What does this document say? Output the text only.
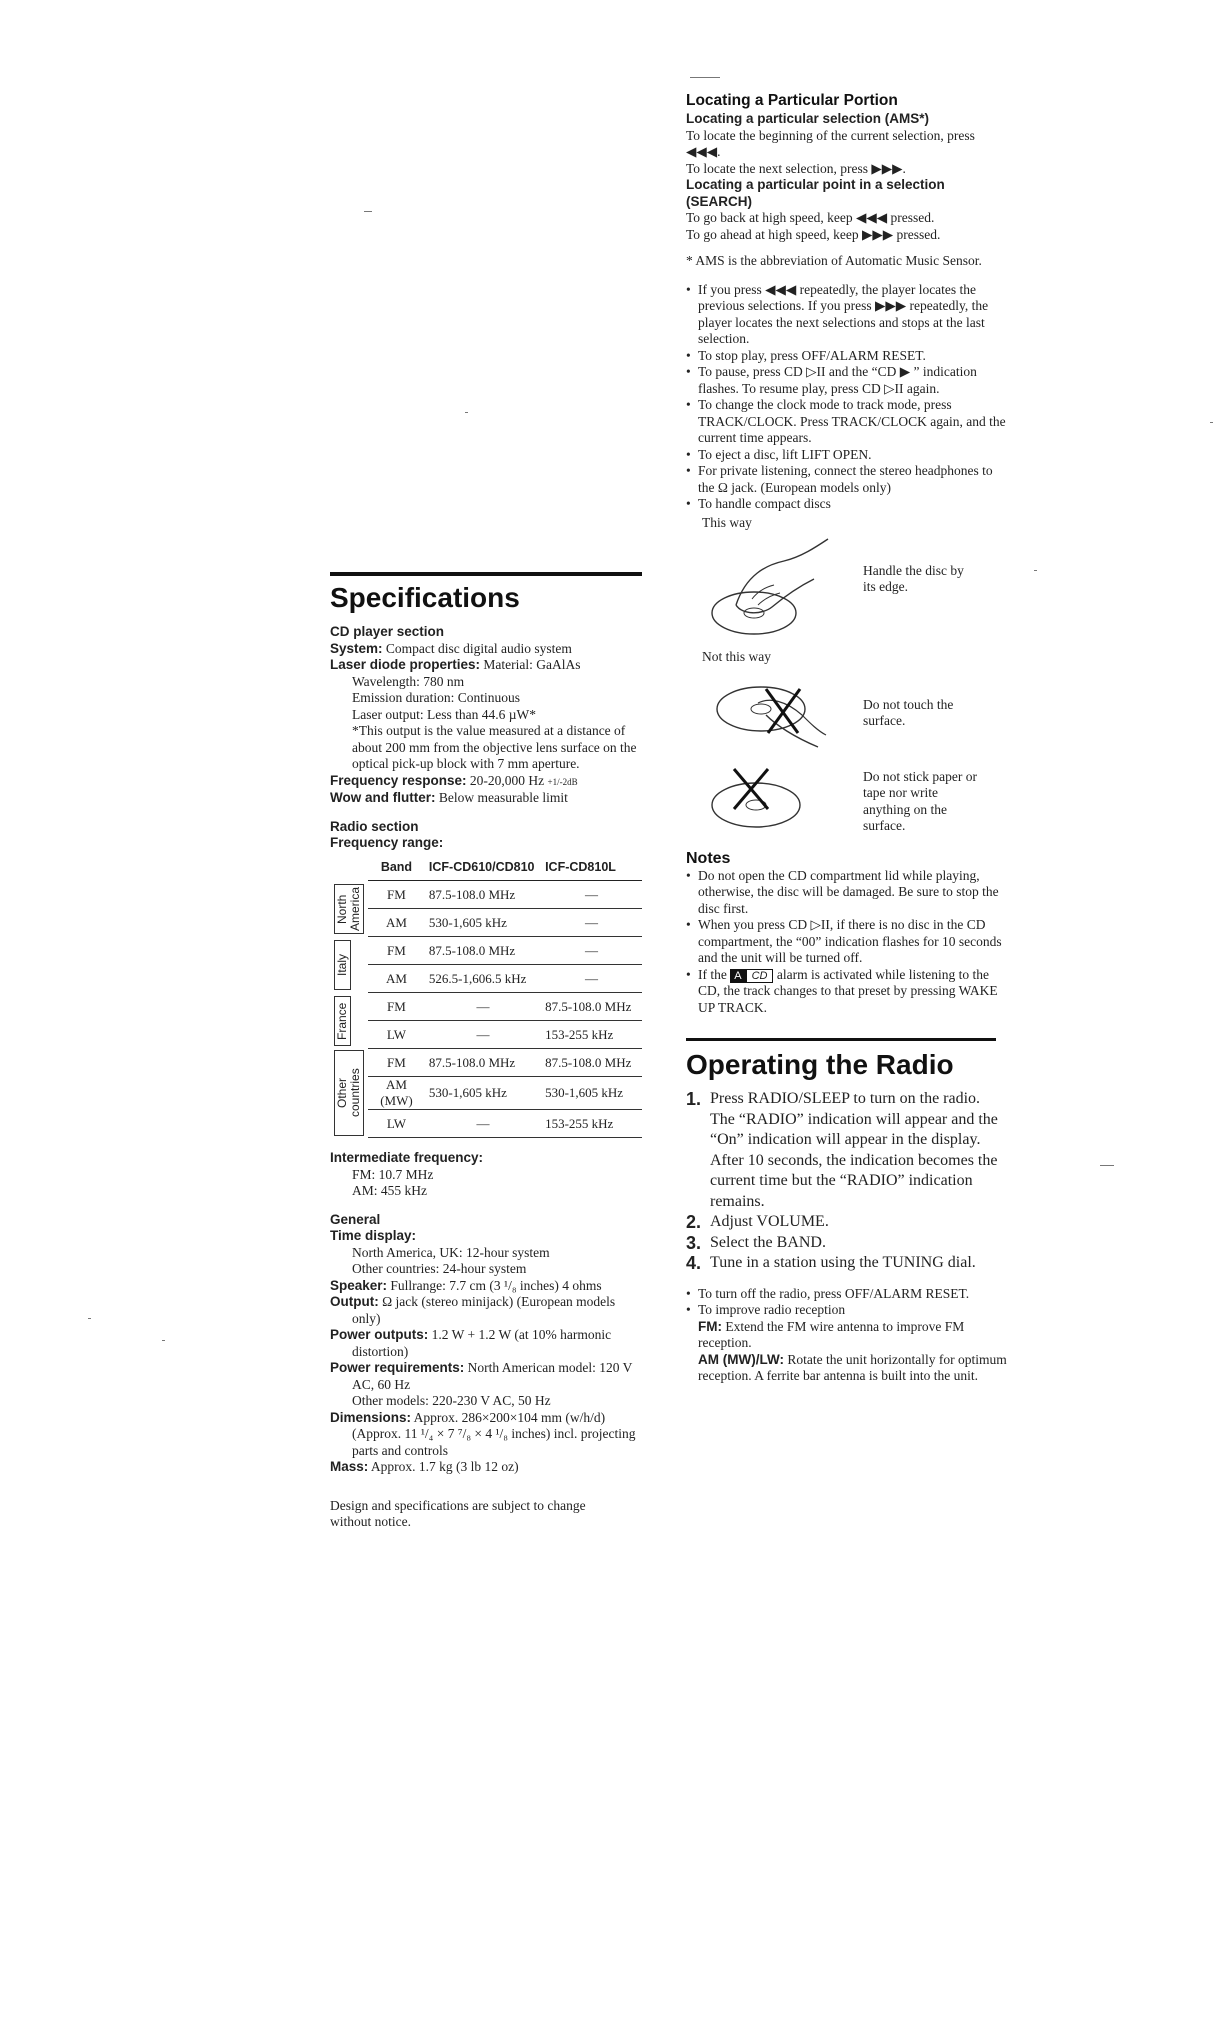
Specifications

CD player section

System: Compact disc digital audio system

Laser diode properties: Material: GaAlAs

Wavelength: 780 nm

Emission duration: Continuous

Laser output: Less than 44.6 µW*

*This output is the value measured at a distance of about 200 mm from the objective lens surface on the optical pick-up block with 7 mm aperture.

Frequency response: 20-20,000 Hz +1/-2dB

Wow and flutter: Below measurable limit

Radio section

Frequency range:

	Band	ICF-CD610/CD810	ICF-CD810L

North America	FM	87.5-108.0 MHz	—
	AM	530-1,605 kHz	—

Italy	FM	87.5-108.0 MHz	—
	AM	526.5-1,606.5 kHz	—

France	FM	—	87.5-108.0 MHz
	LW	—	153-255 kHz

Other countries	FM	87.5-108.0 MHz	87.5-108.0 MHz
	AM (MW)	530-1,605 kHz	530-1,605 kHz
	LW	—	153-255 kHz

Intermediate frequency:

FM: 10.7 MHz

AM: 455 kHz

General

Time display:

North America, UK: 12-hour system

Other countries: 24-hour system

Speaker: Fullrange: 7.7 cm (3 ¹/₈ inches) 4 ohms

Output: Ω jack (stereo minijack) (European models only)

Power outputs: 1.2 W + 1.2 W (at 10% harmonic distortion)

Power requirements: North American model: 120 V AC, 60 Hz

Other models: 220-230 V AC, 50 Hz

Dimensions: Approx. 286×200×104 mm (w/h/d) (Approx. 11 ¹/₄ × 7 ⁷/₈ × 4 ¹/₈ inches) incl. projecting parts and controls

Mass: Approx. 1.7 kg (3 lb 12 oz)

Design and specifications are subject to change without notice.

Locating a Particular Portion

Locating a particular selection (AMS*)

To locate the beginning of the current selection, press ◀◀◀.

To locate the next selection, press ▶▶▶.

Locating a particular point in a selection (SEARCH)

To go back at high speed, keep ◀◀◀ pressed.

To go ahead at high speed, keep ▶▶▶ pressed.

* AMS is the abbreviation of Automatic Music Sensor.

• If you press ◀◀◀ repeatedly, the player locates the previous selections. If you press ▶▶▶ repeatedly, the player locates the next selections and stops at the last selection.
• To stop play, press OFF/ALARM RESET.
• To pause, press CD ▷II and the “CD ▶ ” indication flashes. To resume play, press CD ▷II again.
• To change the clock mode to track mode, press TRACK/CLOCK. Press TRACK/CLOCK again, and the current time appears.
• To eject a disc, lift LIFT OPEN.
• For private listening, connect the stereo headphones to the Ω jack. (European models only)
• To handle compact discs

This way

Handle the disc by its edge.

Not this way

Do not touch the surface.

Do not stick paper or tape nor write anything on the surface.

Notes
• Do not open the CD compartment lid while playing, otherwise, the disc will be damaged. Be sure to stop the disc first.
• When you press CD ▷II, if there is no disc in the CD compartment, the “00” indication flashes for 10 seconds and the unit will be turned off.
• If the A CD alarm is activated while listening to the CD, the track changes to that preset by pressing WAKE UP TRACK.
Operating the Radio
1. Press RADIO/SLEEP to turn on the radio. The “RADIO” indication will appear and the “On” indication will appear in the display. After 10 seconds, the indication becomes the current time but the “RADIO” indication remains.
2. Adjust VOLUME.
3. Select the BAND.
4. Tune in a station using the TUNING dial.
• To turn off the radio, press OFF/ALARM RESET.
• To improve radio reception

FM: Extend the FM wire antenna to improve FM reception.

AM (MW)/LW: Rotate the unit horizontally for optimum reception. A ferrite bar antenna is built into the unit.
